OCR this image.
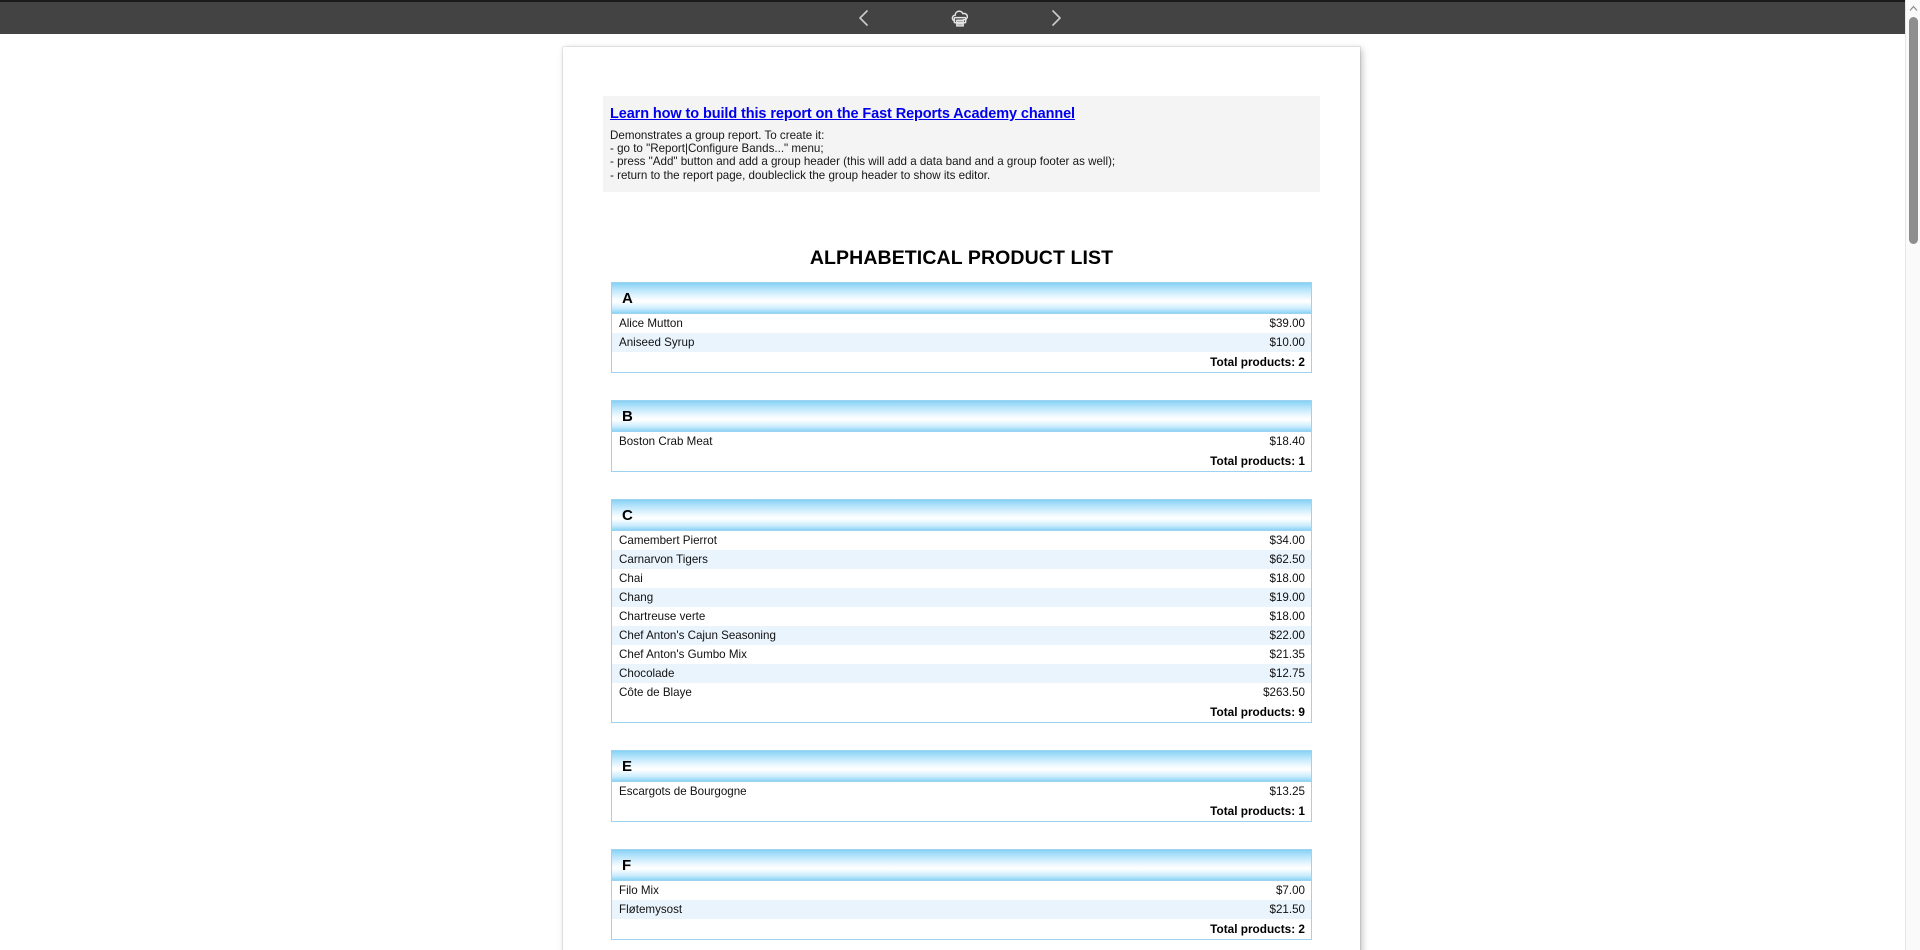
Learn how to build this report on the Fast Reports Academy channel
Demonstrates a group report. To create it:
- go to "Report|Configure Bands..." menu;
- press "Add" button and add a group header (this will add a data band and a group footer as well);
- return to the report page, doubleclick the group header to show its editor.
ALPHABETICAL PRODUCT LIST
A
Alice Mutton	$39.00
Aniseed Syrup	$10.00
Total products: 2
B
Boston Crab Meat	$18.40
Total products: 1
C
Camembert Pierrot	$34.00
Carnarvon Tigers	$62.50
Chai	$18.00
Chang	$19.00
Chartreuse verte	$18.00
Chef Anton's Cajun Seasoning	$22.00
Chef Anton's Gumbo Mix	$21.35
Chocolade	$12.75
Côte de Blaye	$263.50
Total products: 9
E
Escargots de Bourgogne	$13.25
Total products: 1
F
Filo Mix	$7.00
Fløtemysost	$21.50
Total products: 2
